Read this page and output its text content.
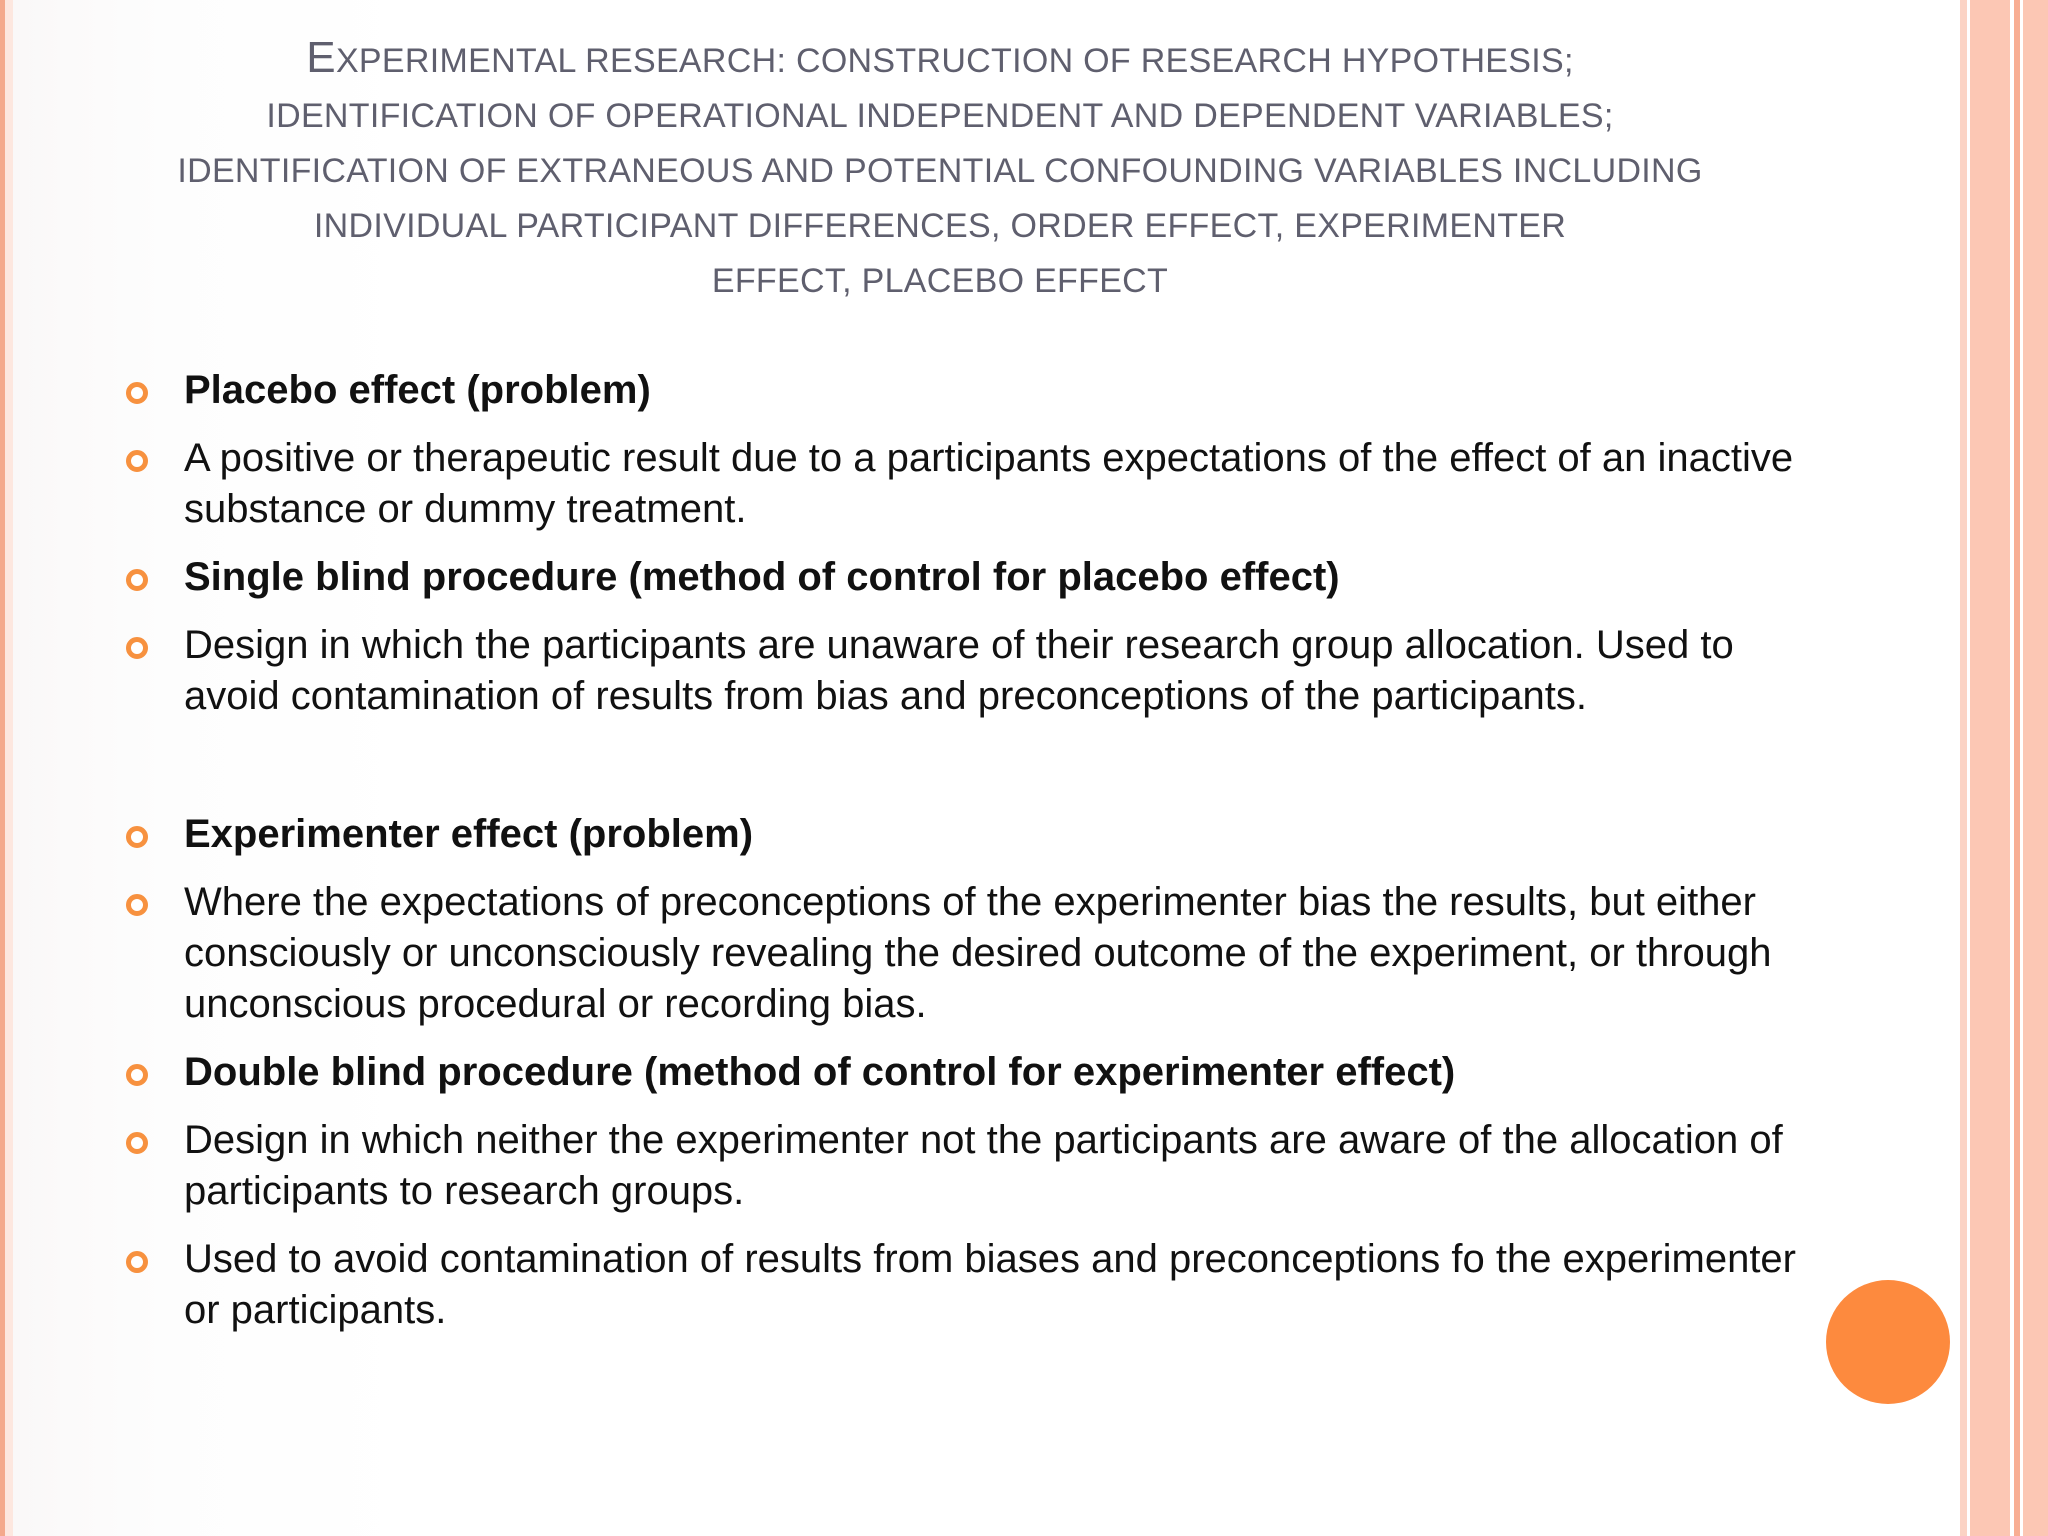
EXPERIMENTAL RESEARCH: CONSTRUCTION OF RESEARCH HYPOTHESIS;
IDENTIFICATION OF OPERATIONAL INDEPENDENT AND DEPENDENT VARIABLES;
IDENTIFICATION OF EXTRANEOUS AND POTENTIAL CONFOUNDING VARIABLES INCLUDING
INDIVIDUAL PARTICIPANT DIFFERENCES, ORDER EFFECT, EXPERIMENTER
EFFECT, PLACEBO EFFECT
Placebo effect (problem)
A positive or therapeutic result due to a participants expectations of the effect of an inactive substance or dummy treatment.
Single blind procedure (method of control for placebo effect)
Design in which the participants are unaware of their research group allocation. Used to avoid contamination of results from bias and preconceptions of the participants.
Experimenter effect (problem)
Where the expectations of preconceptions of the experimenter bias the results, but either consciously or unconsciously revealing the desired outcome of the experiment, or through unconscious procedural or recording bias.
Double blind procedure (method of control for experimenter effect)
Design in which neither the experimenter not the participants are aware of the allocation of participants to research groups.
Used to avoid contamination of results from biases and preconceptions fo the experimenter or participants.
